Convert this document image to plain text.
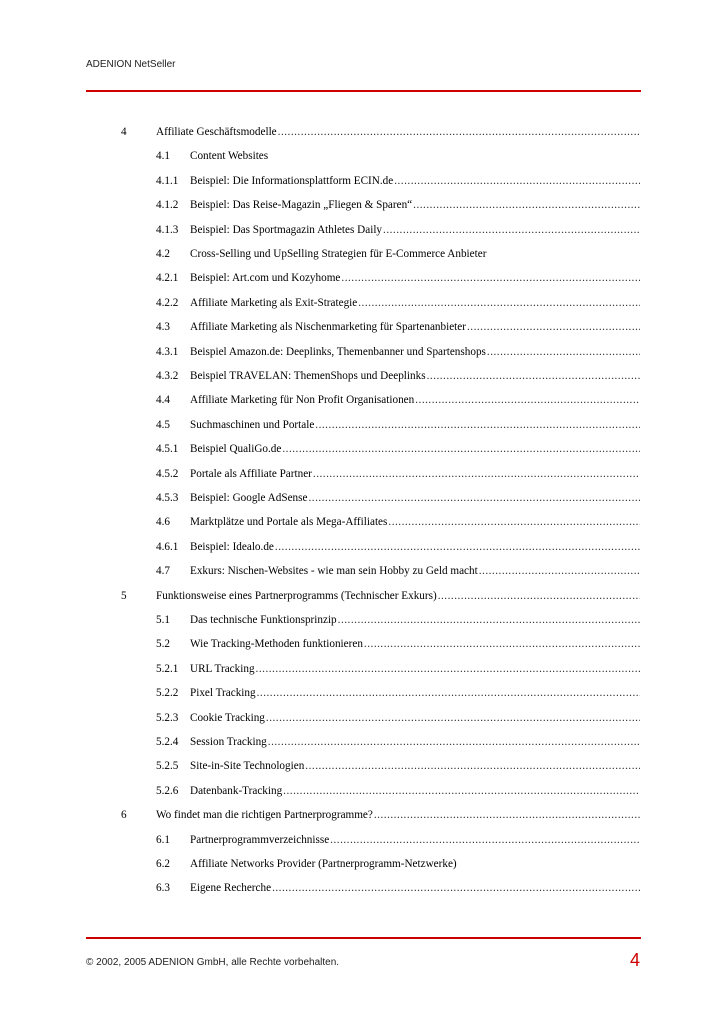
ADENION NetSeller
4	Affiliate Geschäftsmodelle
.....
4.1	Content Websites
4.1.1	Beispiel: Die Informationsplattform ECIN.de
.....
4.1.2	Beispiel: Das Reise-Magazin „Fliegen & Sparen“
.....
4.1.3	Beispiel: Das Sportmagazin Athletes Daily
.....
4.2	Cross-Selling und UpSelling Strategien für E-Commerce Anbieter
4.2.1	Beispiel: Art.com und Kozyhome
.....
4.2.2	Affiliate Marketing als Exit-Strategie
.....
4.3	Affiliate Marketing als Nischenmarketing für Spartenanbieter
.....
4.3.1	Beispiel Amazon.de: Deeplinks, Themenbanner und Spartenshops
.....
4.3.2	Beispiel TRAVELAN: ThemenShops und Deeplinks
.....
4.4	Affiliate Marketing für Non Profit Organisationen
.....
4.5	Suchmaschinen und Portale
.....
4.5.1	Beispiel QualiGo.de
.....
4.5.2	Portale als Affiliate Partner
.....
4.5.3	Beispiel: Google AdSense
.....
4.6	Marktplätze und Portale als Mega-Affiliates
.....
4.6.1	Beispiel: Idealo.de
.....
4.7	Exkurs: Nischen-Websites - wie man sein Hobby zu Geld macht
.....
5	Funktionsweise eines Partnerprogramms (Technischer Exkurs)
.....
5.1	Das technische Funktionsprinzip
.....
5.2	Wie Tracking-Methoden funktionieren
.....
5.2.1	URL Tracking
.....
5.2.2	Pixel Tracking
.....
5.2.3	Cookie Tracking
.....
5.2.4	Session Tracking
.....
5.2.5	Site-in-Site Technologien
.....
5.2.6	Datenbank-Tracking
.....
6	Wo findet man die richtigen Partnerprogramme?
.....
6.1	Partnerprogrammverzeichnisse
.....
6.2	Affiliate Networks Provider (Partnerprogramm-Netzwerke)
6.3	Eigene Recherche
.....
© 2002, 2005 ADENION GmbH, alle Rechte vorbehalten.	4
